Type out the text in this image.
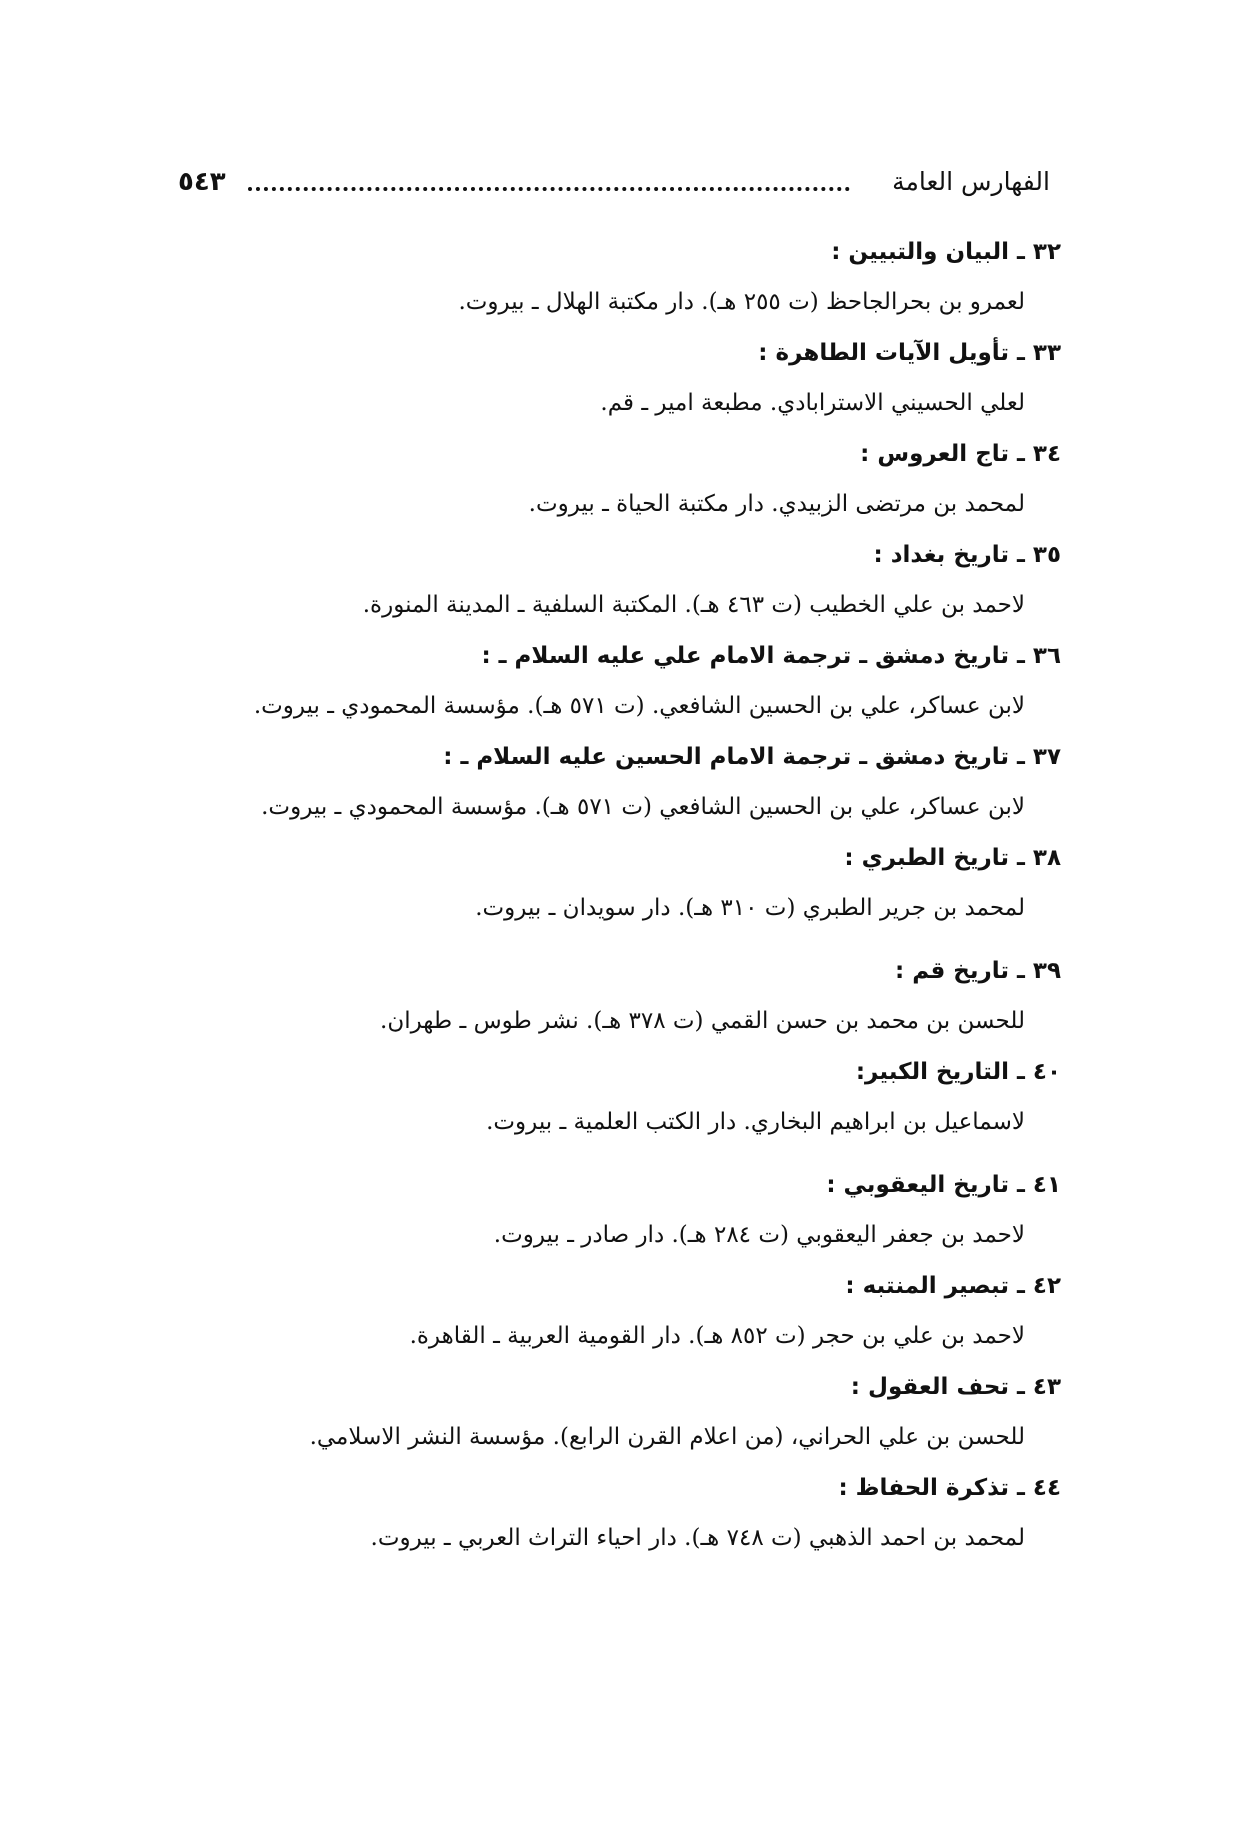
٥٤٣	الفهارس العامة
٣٢ ـ البيان والتبيين :
لعمرو بن بحرالجاحظ (ت ٢٥٥ هـ). دار مكتبة الهلال ـ بيروت.
٣٣ ـ تأويل الآيات الطاهرة :
لعلي الحسيني الاسترابادي. مطبعة امير ـ قم.
٣٤ ـ تاج العروس :
لمحمد بن مرتضى الزبيدي. دار مكتبة الحياة ـ بيروت.
٣٥ ـ تاريخ بغداد :
لاحمد بن علي الخطيب (ت ٤٦٣ هـ). المكتبة السلفية ـ المدينة المنورة.
٣٦ ـ تاريخ دمشق ـ ترجمة الامام علي عليه السلام ـ :
لابن عساكر، علي بن الحسين الشافعي. (ت ٥٧١ هـ). مؤسسة المحمودي ـ بيروت.
٣٧ ـ تاريخ دمشق ـ ترجمة الامام الحسين عليه السلام ـ :
لابن عساكر، علي بن الحسين الشافعي (ت ٥٧١ هـ). مؤسسة المحمودي ـ بيروت.
٣٨ ـ تاريخ الطبري :
لمحمد بن جرير الطبري (ت ٣١٠ هـ). دار سويدان ـ بيروت.
٣٩ ـ تاريخ قم :
للحسن بن محمد بن حسن القمي (ت ٣٧٨ هـ). نشر طوس ـ طهران.
٤٠ ـ التاريخ الكبير:
لاسماعيل بن ابراهيم البخاري. دار الكتب العلمية ـ بيروت.
٤١ ـ تاريخ اليعقوبي :
لاحمد بن جعفر اليعقوبي (ت ٢٨٤ هـ). دار صادر ـ بيروت.
٤٢ ـ تبصير المنتبه :
لاحمد بن علي بن حجر (ت ٨٥٢ هـ). دار القومية العربية ـ القاهرة.
٤٣ ـ تحف العقول :
للحسن بن علي الحراني، (من اعلام القرن الرابع). مؤسسة النشر الاسلامي.
٤٤ ـ تذكرة الحفاظ :
لمحمد بن احمد الذهبي (ت ٧٤٨ هـ). دار احياء التراث العربي ـ بيروت.
